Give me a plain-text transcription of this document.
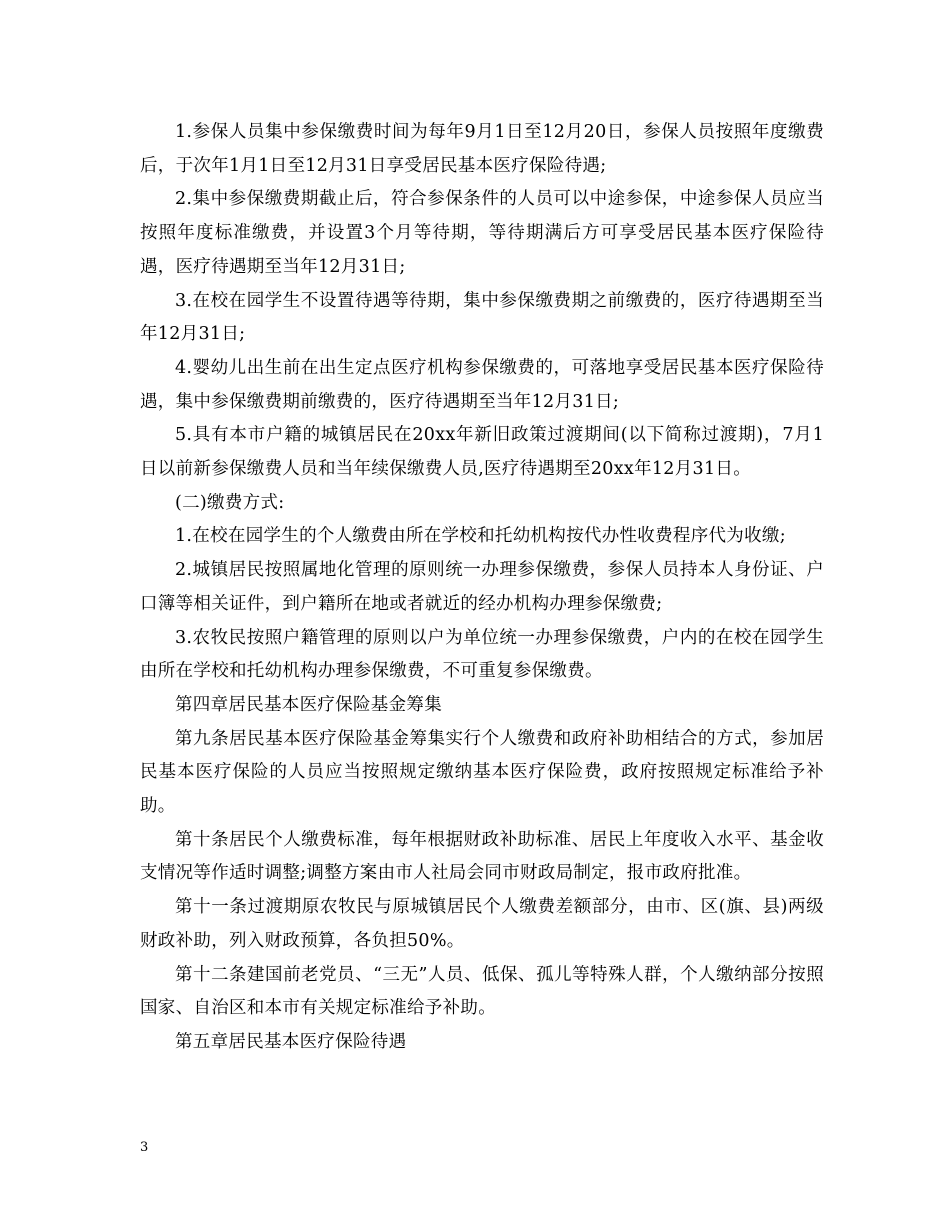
1.参保人员集中参保缴费时间为每年9月1日至12月20日，参保人员按照年度缴费后，于次年1月1日至12月31日享受居民基本医疗保险待遇;

2.集中参保缴费期截止后，符合参保条件的人员可以中途参保，中途参保人员应当按照年度标准缴费，并设置3个月等待期，等待期满后方可享受居民基本医疗保险待遇，医疗待遇期至当年12月31日;

3.在校在园学生不设置待遇等待期，集中参保缴费期之前缴费的，医疗待遇期至当年12月31日;

4.婴幼儿出生前在出生定点医疗机构参保缴费的，可落地享受居民基本医疗保险待遇，集中参保缴费期前缴费的，医疗待遇期至当年12月31日;

5.具有本市户籍的城镇居民在20xx年新旧政策过渡期间(以下简称过渡期)，7月1日以前新参保缴费人员和当年续保缴费人员,医疗待遇期至20xx年12月31日。

(二)缴费方式:

1.在校在园学生的个人缴费由所在学校和托幼机构按代办性收费程序代为收缴;

2.城镇居民按照属地化管理的原则统一办理参保缴费，参保人员持本人身份证、户口簿等相关证件，到户籍所在地或者就近的经办机构办理参保缴费;

3.农牧民按照户籍管理的原则以户为单位统一办理参保缴费，户内的在校在园学生由所在学校和托幼机构办理参保缴费，不可重复参保缴费。

第四章居民基本医疗保险基金筹集

第九条居民基本医疗保险基金筹集实行个人缴费和政府补助相结合的方式，参加居民基本医疗保险的人员应当按照规定缴纳基本医疗保险费，政府按照规定标准给予补助。

第十条居民个人缴费标准，每年根据财政补助标准、居民上年度收入水平、基金收支情况等作适时调整;调整方案由市人社局会同市财政局制定，报市政府批准。

第十一条过渡期原农牧民与原城镇居民个人缴费差额部分，由市、区(旗、县)两级财政补助，列入财政预算，各负担50%。

第十二条建国前老党员、“三无”人员、低保、孤儿等特殊人群，个人缴纳部分按照国家、自治区和本市有关规定标准给予补助。

第五章居民基本医疗保险待遇

3
